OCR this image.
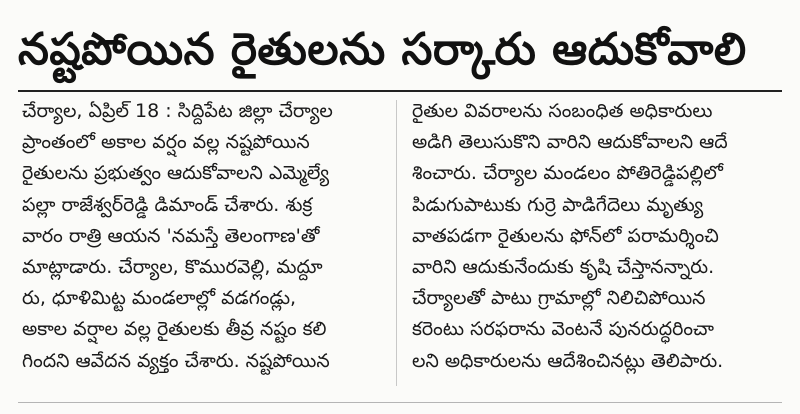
నష్టపోయిన రైతులను సర్కారు ఆదుకోవాలి
చేర్యాల, ఏప్రిల్ 18 : సిద్దిపేట జిల్లా చేర్యాల
ప్రాంతంలో అకాల వర్షం వల్ల నష్టపోయిన
రైతులను ప్రభుత్వం ఆదుకోవాలని ఎమ్మెల్యే
పల్లా రాజేశ్వర్‌రెడ్డి డిమాండ్ చేశారు. శుక్ర
వారం రాత్రి ఆయన 'నమస్తే తెలంగాణ'తో
మాట్లాడారు. చేర్యాల, కొమురవెల్లి, మద్దూ
రు, ధూళిమిట్ట మండలాల్లో వడగండ్లు,
అకాల వర్షాల వల్ల రైతులకు తీవ్ర నష్టం కలి
గిందని ఆవేదన వ్యక్తం చేశారు. నష్టపోయిన
రైతుల వివరాలను సంబంధిత అధికారులు
అడిగి తెలుసుకొని వారిని ఆదుకోవాలని ఆదే
శించారు. చేర్యాల మండలం పోతిరెడ్డిపల్లిలో
పిడుగుపాటుకు గుర్రె పాడిగేదెలు మృత్యు
వాతపడగా రైతులను ఫోన్‌లో పరామర్శించి
వారిని ఆదుకునేందుకు కృషి చేస్తానన్నారు.
చేర్యాలతో పాటు గ్రామాల్లో నిలిచిపోయిన
కరెంటు సరఫరాను వెంటనే పునరుద్ధరించా
లని అధికారులను ఆదేశించినట్లు తెలిపారు.
